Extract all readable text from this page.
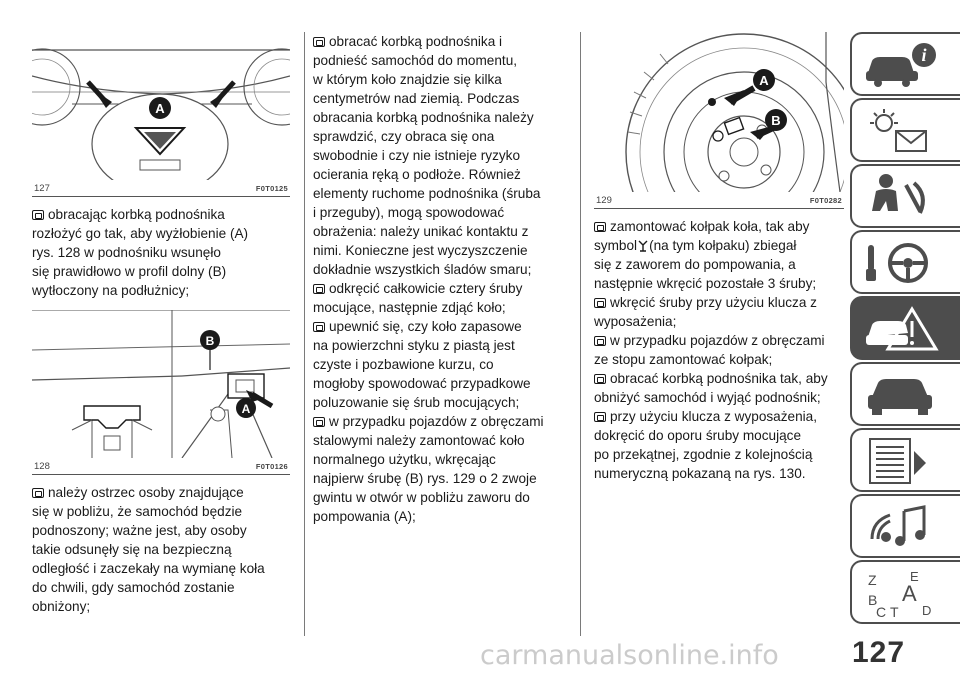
A
127	F0T0125
obracając korbką podnośnika
rozłożyć go tak, aby wyżłobienie (A)
rys. 128 w podnośniku wsunęło
się prawidłowo w profil dolny (B)
wytłoczony na podłużnicy;
B
A
128	F0T0126
należy ostrzec osoby znajdujące
się w pobliżu, że samochód będzie
podnoszony; ważne jest, aby osoby
takie odsunęły się na bezpieczną
odległość i zaczekały na wymianę koła
do chwili, gdy samochód zostanie
obniżony;
obracać korbką podnośnika i
podnieść samochód do momentu,
w którym koło znajdzie się kilka
centymetrów nad ziemią. Podczas
obracania korbką podnośnika należy
sprawdzić, czy obraca się ona
swobodnie i czy nie istnieje ryzyko
ocierania ręką o podłoże. Również
elementy ruchome podnośnika (śruba
i przeguby), mogą spowodować
obrażenia: należy unikać kontaktu z
nimi. Konieczne jest wyczyszczenie
dokładnie wszystkich śladów smaru;
odkręcić całkowicie cztery śruby
mocujące, następnie zdjąć koło;
upewnić się, czy koło zapasowe
na powierzchni styku z piastą jest
czyste i pozbawione kurzu, co
mogłoby spowodować przypadkowe
poluzowanie się śrub mocujących;
w przypadku pojazdów z obręczami
stalowymi należy zamontować koło
normalnego użytku, wkręcając
najpierw śrubę (B) rys. 129 o 2 zwoje
gwintu w otwór w pobliżu zaworu do
pompowania (A);
A
B
129	F0T0282
zamontować kołpak koła, tak aby
symbol (na tym kołpaku) zbiegał
się z zaworem do pompowania, a
następnie wkręcić pozostałe 3 śruby;
wkręcić śruby przy użyciu klucza z
wyposażenia;
w przypadku pojazdów z obręczami
ze stopu zamontować kołpak;
obracać korbką podnośnika tak, aby
obniżyć samochód i wyjąć podnośnik;
przy użyciu klucza z wyposażenia,
dokręcić do oporu śruby mocujące
po przekątnej, zgodnie z kolejnością
numeryczną pokazaną na rys. 130.
i
Z	E
A
B
C T D
carmanualsonline.info	127
